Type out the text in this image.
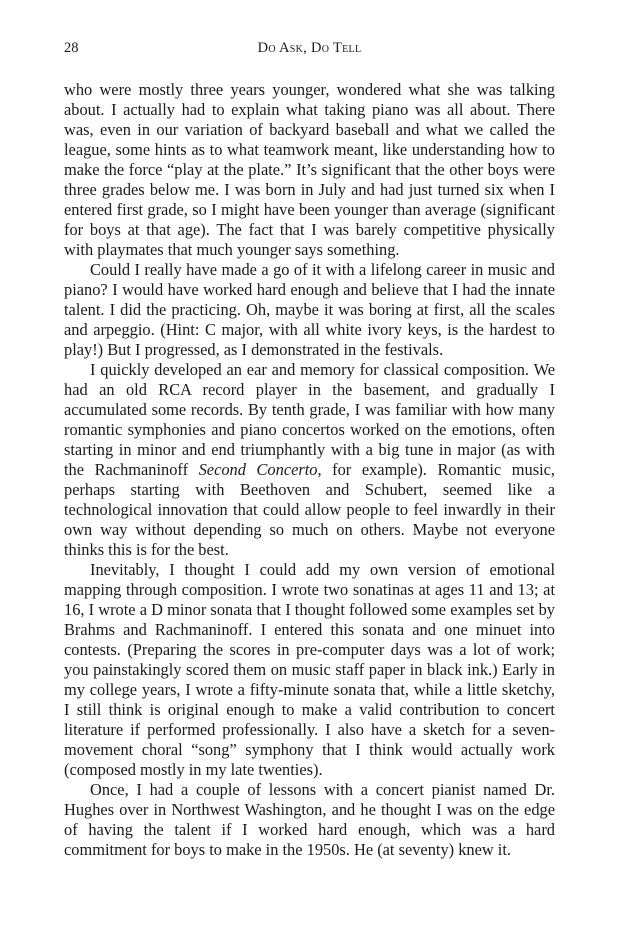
28	Do Ask, Do Tell

who were mostly three years younger, wondered what she was talking about. I actually had to explain what taking piano was all about. There was, even in our variation of backyard baseball and what we called the league, some hints as to what teamwork meant, like understanding how to make the force “play at the plate.” It’s significant that the other boys were three grades below me. I was born in July and had just turned six when I entered first grade, so I might have been younger than average (significant for boys at that age). The fact that I was barely competitive physically with playmates that much younger says something.

Could I really have made a go of it with a lifelong career in music and piano? I would have worked hard enough and believe that I had the innate talent. I did the practicing. Oh, maybe it was boring at first, all the scales and arpeggio. (Hint: C major, with all white ivory keys, is the hardest to play!) But I progressed, as I demonstrated in the festivals.

I quickly developed an ear and memory for classical composition. We had an old RCA record player in the basement, and gradually I accumulated some records. By tenth grade, I was familiar with how many romantic symphonies and piano concertos worked on the emotions, often starting in minor and end triumphantly with a big tune in major (as with the Rachmaninoff Second Concerto, for example). Romantic music, perhaps starting with Beethoven and Schubert, seemed like a technological innovation that could allow people to feel inwardly in their own way without depending so much on others. Maybe not everyone thinks this is for the best.

Inevitably, I thought I could add my own version of emotional mapping through composition. I wrote two sonatinas at ages 11 and 13; at 16, I wrote a D minor sonata that I thought followed some examples set by Brahms and Rachmaninoff. I entered this sonata and one minuet into contests. (Preparing the scores in pre-computer days was a lot of work; you painstakingly scored them on music staff paper in black ink.) Early in my college years, I wrote a fifty-minute sonata that, while a little sketchy, I still think is original enough to make a valid contribution to concert literature if performed professionally. I also have a sketch for a seven-movement choral “song” symphony that I think would actually work (composed mostly in my late twenties).

Once, I had a couple of lessons with a concert pianist named Dr. Hughes over in Northwest Washington, and he thought I was on the edge of having the talent if I worked hard enough, which was a hard commitment for boys to make in the 1950s. He (at seventy) knew it.
